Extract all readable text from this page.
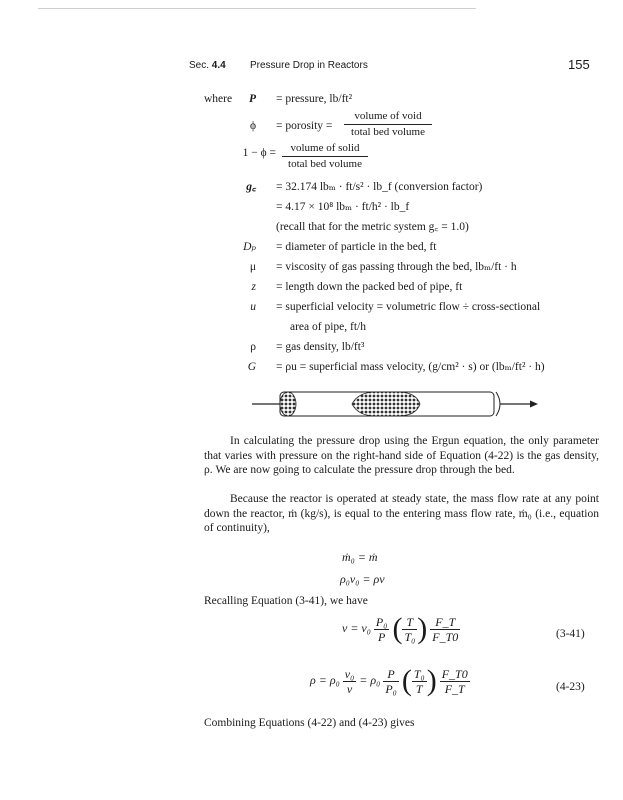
Sec. 4.4 Pressure Drop in Reactors	155
where	P = pressure, lb/ft²
ϕ = porosity =
volume of void
total bed volume
1 − ϕ =	volume of solid
total bed volume
g꜀ = 32.174 lbₘ · ft/s² · lb_f (conversion factor)
= 4.17 × 10⁸ lbₘ · ft/h² · lb_f
(recall that for the metric system g꜀ = 1.0)
Dₚ = diameter of particle in the bed, ft
μ = viscosity of gas passing through the bed, lbₘ/ft · h
z = length down the packed bed of pipe, ft
u = superficial velocity = volumetric flow ÷ cross-sectional
area of pipe, ft/h
ρ = gas density, lb/ft³
G = ρu = superficial mass velocity, (g/cm² · s) or (lbₘ/ft² · h)
In calculating the pressure drop using the Ergun equation, the only parameter that varies with pressure on the right-hand side of Equation (4-22) is the gas density, ρ. We are now going to calculate the pressure drop through the bed.
Because the reactor is operated at steady state, the mass flow rate at any point down the reactor, ṁ (kg/s), is equal to the entering mass flow rate, ṁ₀ (i.e., equation of continuity),
ṁ₀ = ṁ
ρ₀v₀ = ρv
Recalling Equation (3-41), we have
$v = v_0 \frac{\text{P₀}}{P}$ ( $\frac{T}{\text{T₀}}$ ) $\frac{F\_T}{F\_T0}$	(3-41)
$\rho = \rho_0 \frac{\text{v₀}}{v} = \rho_0 \frac{P}{\text{P₀}}$ ( $\frac{\text{T₀}}{T}$ ) $\frac{F\_T0}{F\_T}$	(4-23)
Combining Equations (4-22) and (4-23) gives
